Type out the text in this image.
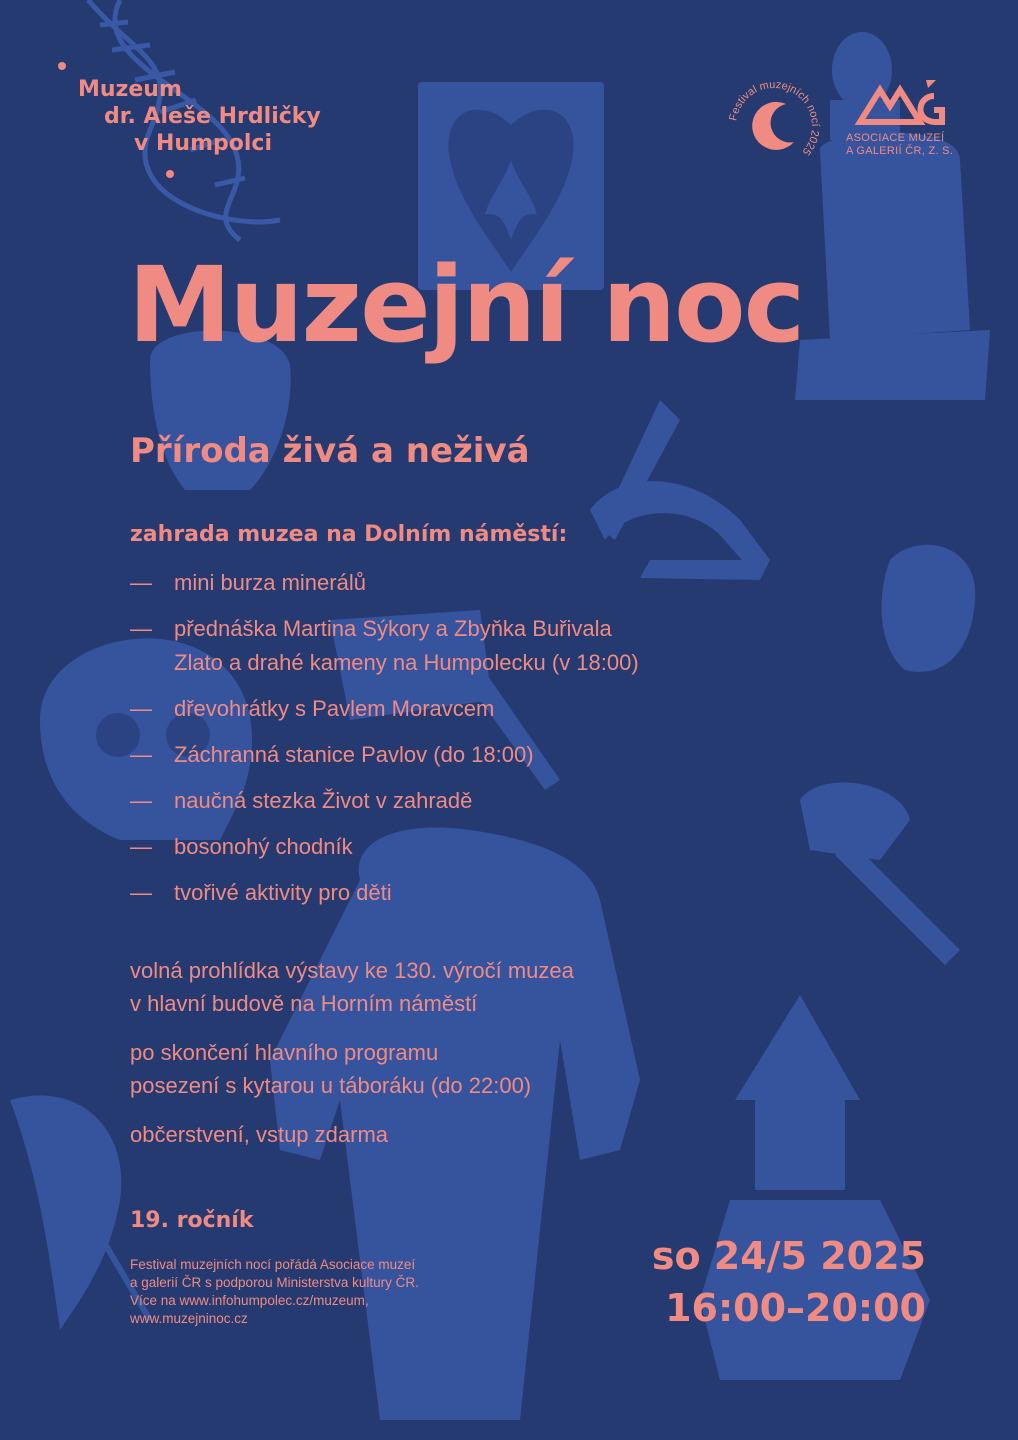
Muzeum
dr. Aleše Hrdličky
v Humpolci
Festival muzejních nocí 2025
ASOCIACE MUZEÍ
A GALERIÍ ČR, Z. S.
Muzejní noc
Příroda živá a neživá
zahrada muzea na Dolním náměstí:
— mini burza minerálů
— přednáška Martina Sýkory a Zbyňka Buřivala
Zlato a drahé kameny na Humpolecku (v 18:00)
— dřevohrátky s Pavlem Moravcem
— Záchranná stanice Pavlov (do 18:00)
— naučná stezka Život v zahradě
— bosonohý chodník
— tvořivé aktivity pro děti
volná prohlídka výstavy ke 130. výročí muzea
v hlavní budově na Horním náměstí
po skončení hlavního programu
posezení s kytarou u táboráku (do 22:00)
občerstvení, vstup zdarma
19. ročník
Festival muzejních nocí pořádá Asociace muzeí
a galerií ČR s podporou Ministerstva kultury ČR.
Více na www.infohumpolec.cz/muzeum,
www.muzejninoc.cz
so 24/5 2025
16:00–20:00
